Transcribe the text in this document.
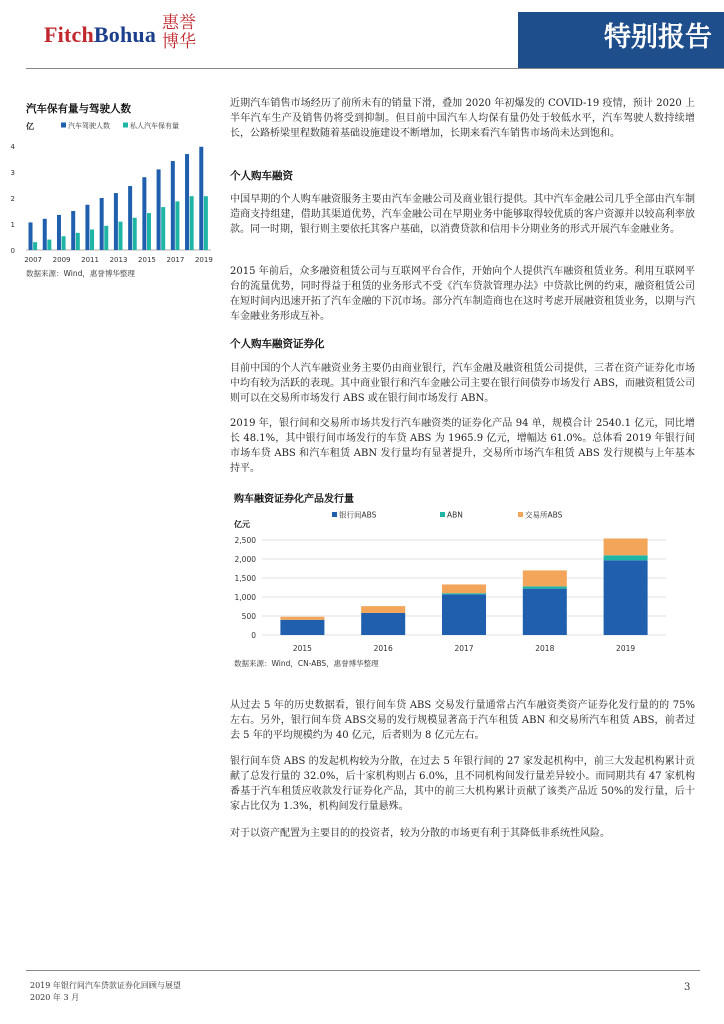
FitchBohua 惠誉
博华	特别报告
汽车保有量与驾驶人数
亿
0
1
2
3
4
2007 2009 2011 2013 2015 2017 2019
汽车驾驶人数	私人汽车保有量
数据来源：Wind，惠誉博华整理

近期汽车销售市场经历了前所未有的销量下滑，叠加 2020 年初爆发的 COVID-19 疫情，预计 2020 上半年汽车生产及销售仍将受到抑制。但目前中国汽车人均保有量仍处于较低水平，汽车驾驶人数持续增长，公路桥梁里程数随着基础设施建设不断增加，长期来看汽车销售市场尚未达到饱和。

个人购车融资

中国早期的个人购车融资服务主要由汽车金融公司及商业银行提供。其中汽车金融公司几乎全部由汽车制造商支持组建，借助其渠道优势，汽车金融公司在早期业务中能够取得较优质的客户资源并以较高利率放款。同一时期，银行则主要依托其客户基础，以消费贷款和信用卡分期业务的形式开展汽车金融业务。

2015 年前后，众多融资租赁公司与互联网平台合作，开始向个人提供汽车融资租赁业务。利用互联网平台的流量优势，同时得益于租赁的业务形式不受《汽车贷款管理办法》中贷款比例的约束，融资租赁公司在短时间内迅速开拓了汽车金融的下沉市场。部分汽车制造商也在这时考虑开展融资租赁业务，以期与汽车金融业务形成互补。

个人购车融资证券化

目前中国的个人汽车融资业务主要仍由商业银行，汽车金融及融资租赁公司提供，三者在资产证券化市场中均有较为活跃的表现。其中商业银行和汽车金融公司主要在银行间债券市场发行 ABS，而融资租赁公司则可以在交易所市场发行 ABS 或在银行间市场发行 ABN。

2019 年，银行间和交易所市场共发行汽车融资类的证券化产品 94 单，规模合计 2540.1 亿元，同比增长 48.1%，其中银行间市场发行的车贷 ABS 为 1965.9 亿元，增幅达 61.0%。总体看 2019 年银行间市场车贷 ABS 和汽车租赁 ABN 发行量均有显著提升，交易所市场汽车租赁 ABS 发行规模与上年基本持平。

购车融资证券化产品发行量
亿元
0
500
1,000
1,500
2,000
2,500
2015	2016	2017	2018	2019
银行间ABS	ABN	交易所ABS
数据来源：Wind，CN-ABS，惠誉博华整理

从过去 5 年的历史数据看，银行间车贷 ABS 交易发行量通常占汽车融资类资产证券化发行量的的 75%左右。另外，银行间车贷 ABS交易的发行规模显著高于汽车租赁 ABN 和交易所汽车租赁 ABS，前者过去 5 年的平均规模约为 40 亿元，后者则为 8 亿元左右。

银行间车贷 ABS 的发起机构较为分散，在过去 5 年银行间的 27 家发起机构中，前三大发起机构累计贡献了总发行量的 32.0%，后十家机构则占 6.0%，且不同机构间发行量差异较小。而同期共有 47 家机构番基于汽车租赁应收款发行证券化产品，其中的前三大机构累计贡献了该类产品近 50%的发行量，后十家占比仅为 1.3%，机构间发行量悬殊。

对于以资产配置为主要目的的投资者，较为分散的市场更有利于其降低非系统性风险。

2019 年银行间汽车贷款证券化回顾与展望
2020 年 3 月
3
